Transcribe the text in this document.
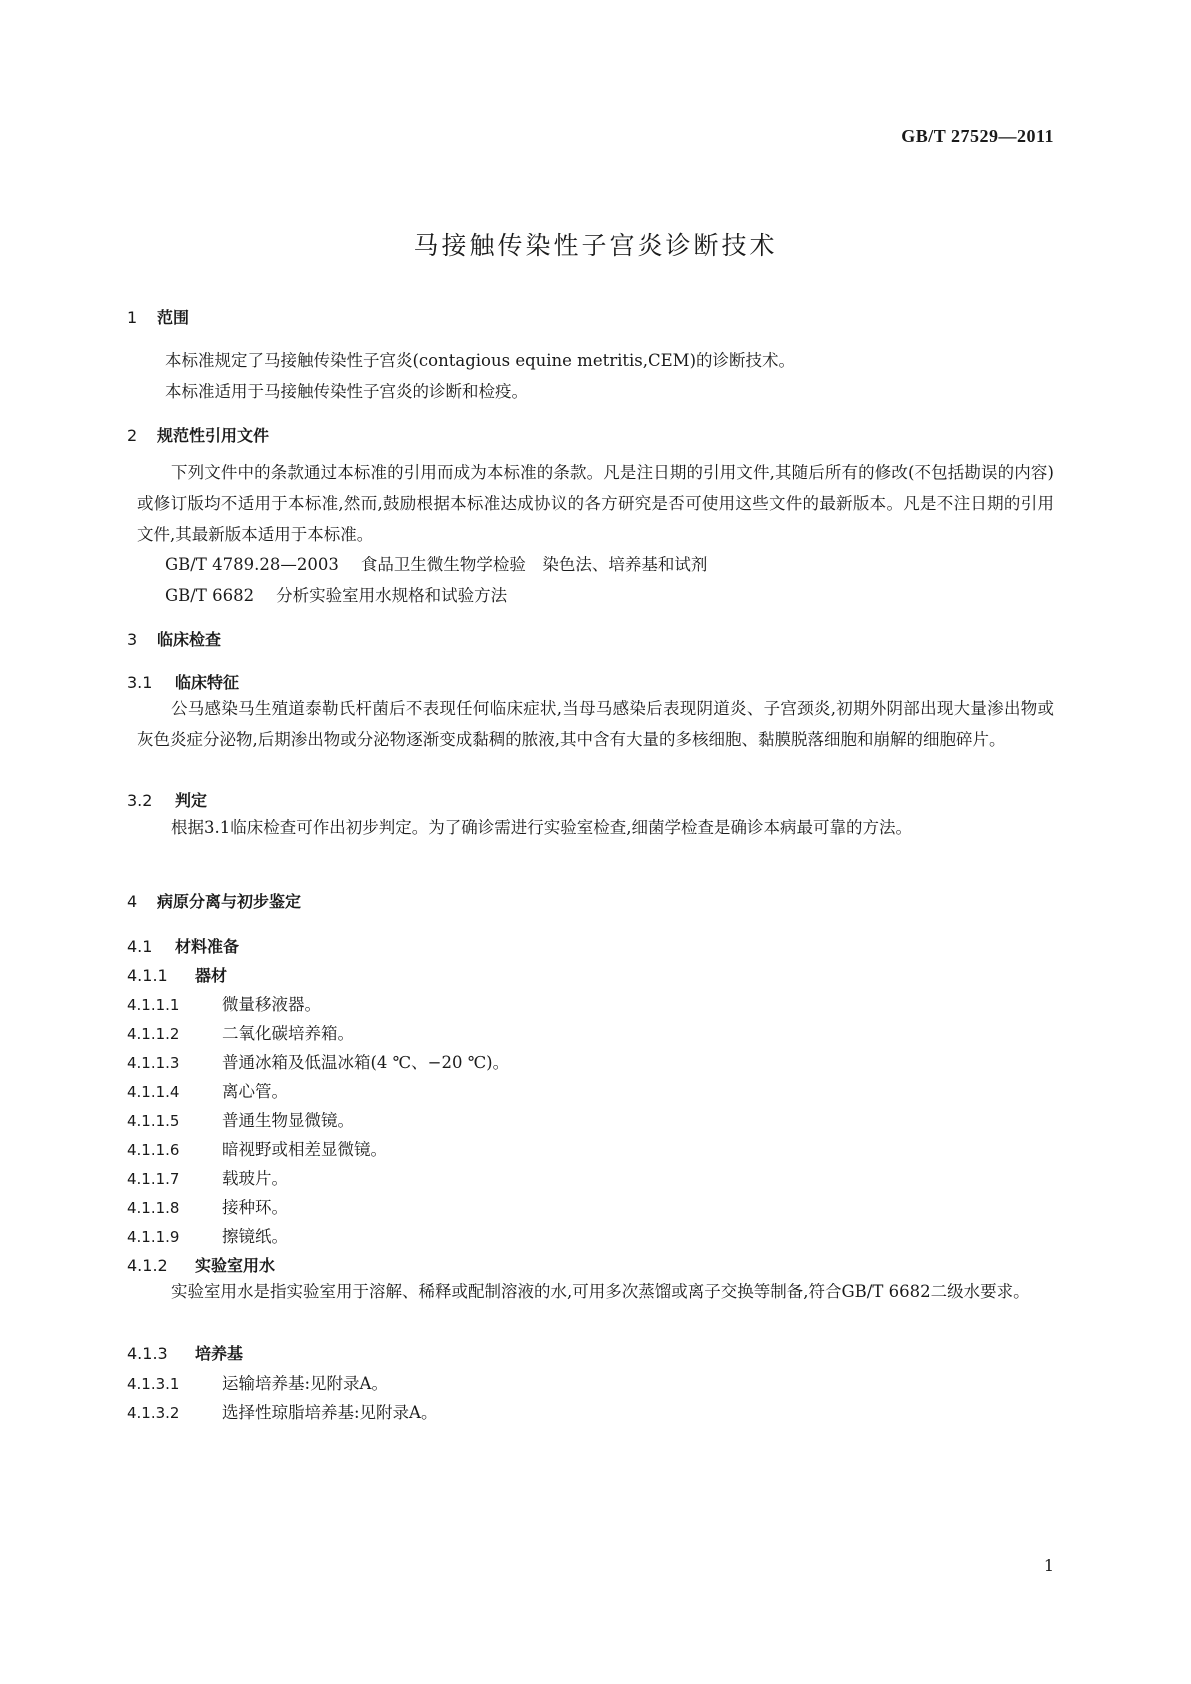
GB/T 27529—2011
马接触传染性子宫炎诊断技术
1 范围
本标准规定了马接触传染性子宫炎(contagious equine metritis,CEM)的诊断技术。
本标准适用于马接触传染性子宫炎的诊断和检疫。
2 规范性引用文件
下列文件中的条款通过本标准的引用而成为本标准的条款。凡是注日期的引用文件,其随后所有的修改(不包括勘误的内容)或修订版均不适用于本标准,然而,鼓励根据本标准达成协议的各方研究是否可使用这些文件的最新版本。凡是不注日期的引用文件,其最新版本适用于本标准。
GB/T 4789.28—2003 食品卫生微生物学检验　染色法、培养基和试剂
GB/T 6682 分析实验室用水规格和试验方法
3 临床检查
3.1 临床特征
公马感染马生殖道泰勒氏杆菌后不表现任何临床症状,当母马感染后表现阴道炎、子宫颈炎,初期外阴部出现大量渗出物或灰色炎症分泌物,后期渗出物或分泌物逐渐变成黏稠的脓液,其中含有大量的多核细胞、黏膜脱落细胞和崩解的细胞碎片。
3.2 判定
根据3.1临床检查可作出初步判定。为了确诊需进行实验室检查,细菌学检查是确诊本病最可靠的方法。
4 病原分离与初步鉴定
4.1 材料准备
4.1.1 器材
4.1.1.1	微量移液器。
4.1.1.2	二氧化碳培养箱。
4.1.1.3	普通冰箱及低温冰箱(4 ℃、−20 ℃)。
4.1.1.4	离心管。
4.1.1.5	普通生物显微镜。
4.1.1.6	暗视野或相差显微镜。
4.1.1.7	载玻片。
4.1.1.8	接种环。
4.1.1.9	擦镜纸。
4.1.2 实验室用水
实验室用水是指实验室用于溶解、稀释或配制溶液的水,可用多次蒸馏或离子交换等制备,符合GB/T 6682二级水要求。
4.1.3 培养基
4.1.3.1	运输培养基:见附录A。
4.1.3.2	选择性琼脂培养基:见附录A。
1
